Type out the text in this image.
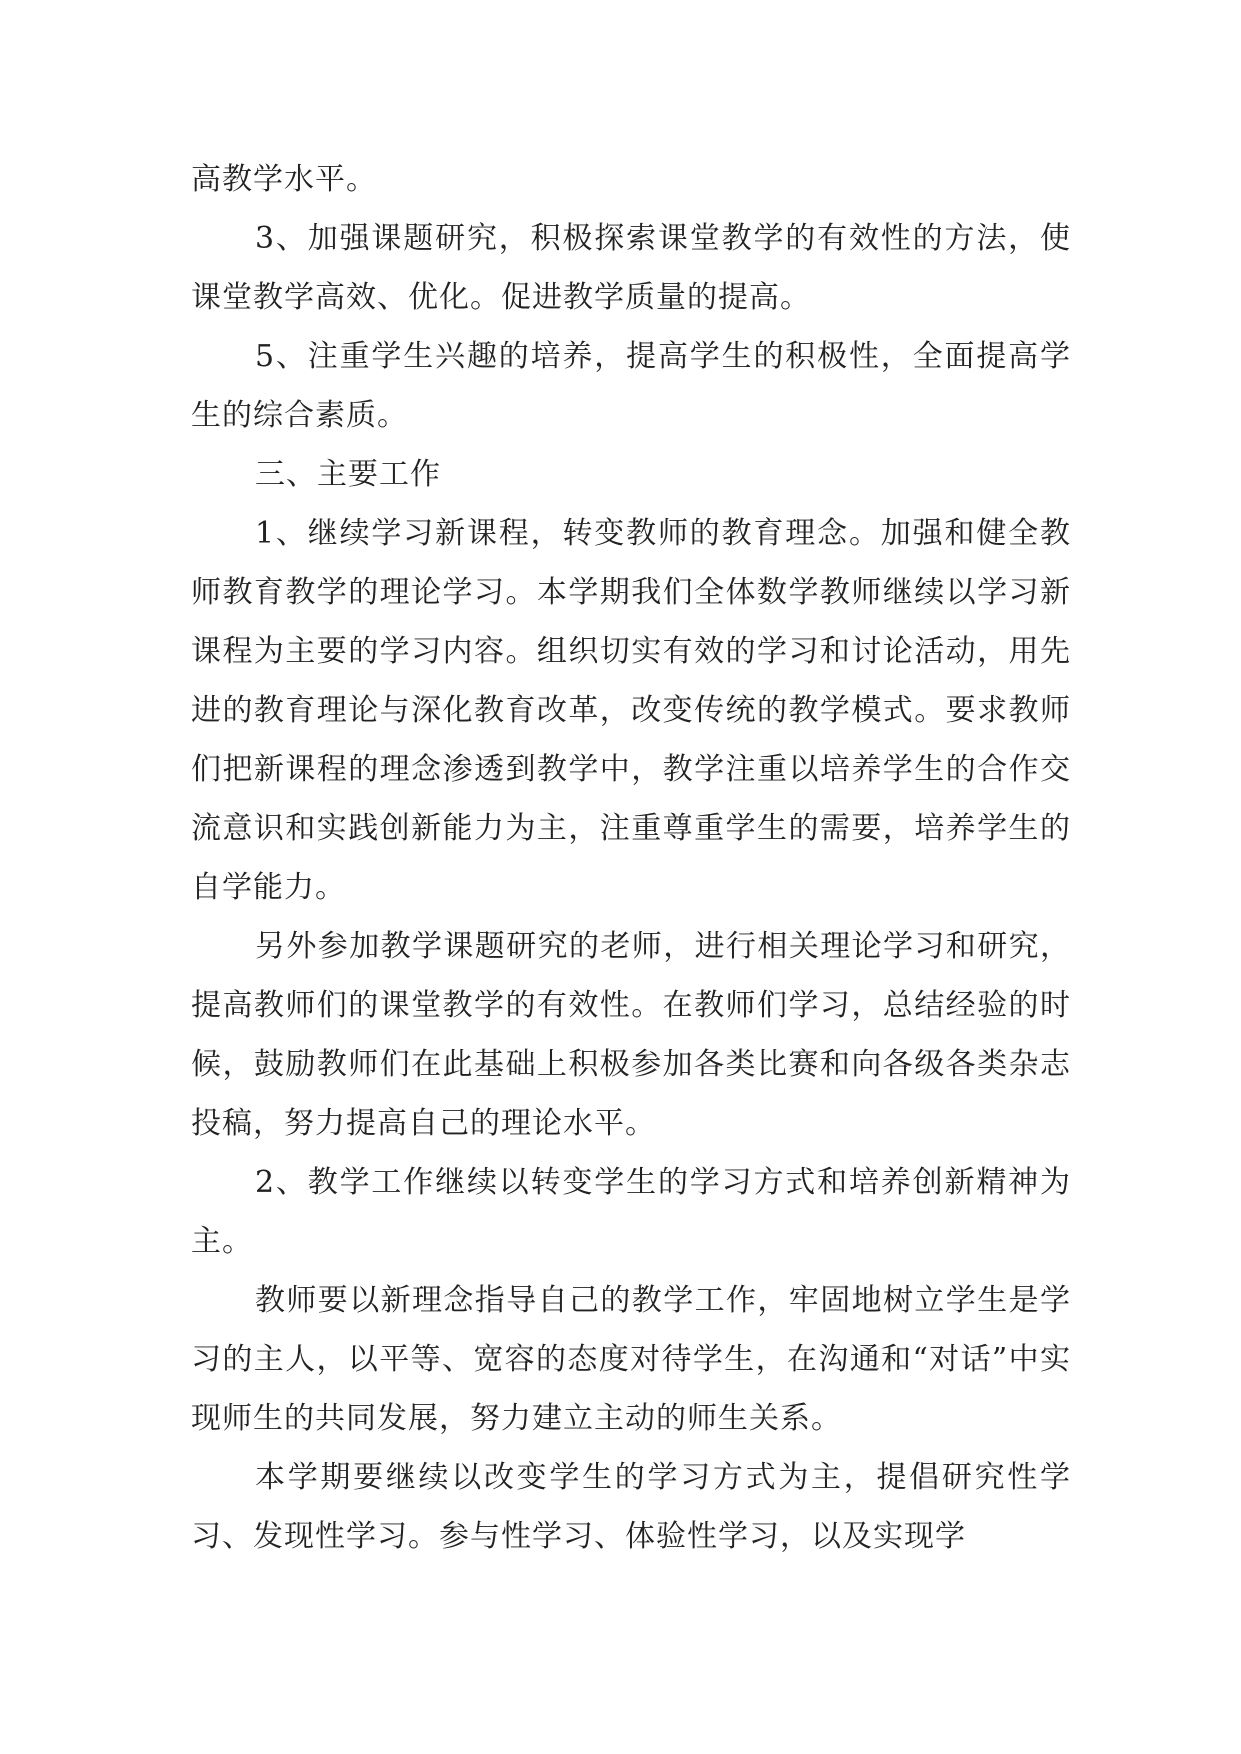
高教学水平。

3、加强课题研究，积极探索课堂教学的有效性的方法，使课堂教学高效、优化。促进教学质量的提高。

5、注重学生兴趣的培养，提高学生的积极性，全面提高学生的综合素质。

三、主要工作

1、继续学习新课程，转变教师的教育理念。加强和健全教师教育教学的理论学习。本学期我们全体数学教师继续以学习新课程为主要的学习内容。组织切实有效的学习和讨论活动，用先进的教育理论与深化教育改革，改变传统的教学模式。要求教师们把新课程的理念渗透到教学中，教学注重以培养学生的合作交流意识和实践创新能力为主，注重尊重学生的需要，培养学生的自学能力。

另外参加教学课题研究的老师，进行相关理论学习和研究，提高教师们的课堂教学的有效性。在教师们学习，总结经验的时候，鼓励教师们在此基础上积极参加各类比赛和向各级各类杂志投稿，努力提高自己的理论水平。

2、教学工作继续以转变学生的学习方式和培养创新精神为主。

教师要以新理念指导自己的教学工作，牢固地树立学生是学习的主人，以平等、宽容的态度对待学生，在沟通和“对话”中实现师生的共同发展，努力建立主动的师生关系。

本学期要继续以改变学生的学习方式为主，提倡研究性学习、发现性学习。参与性学习、体验性学习，以及实现学
